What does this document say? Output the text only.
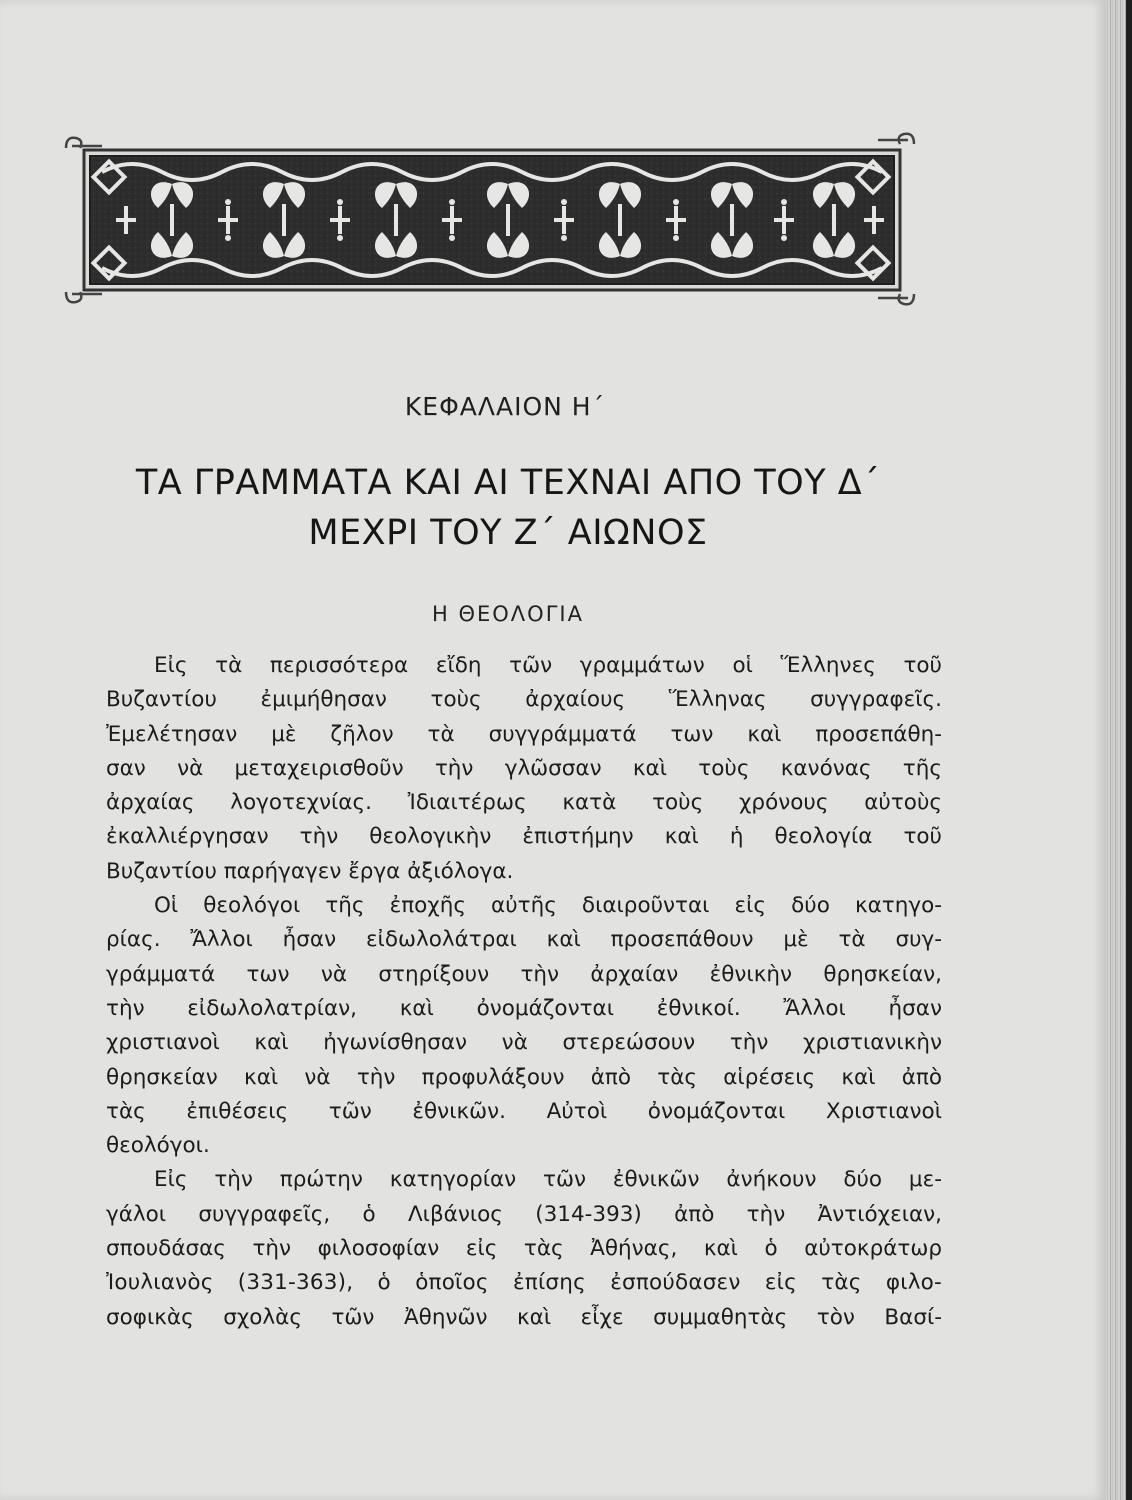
ΚΕΦΑΛΑΙΟΝ Η΄
ΤΑ ΓΡΑΜΜΑΤΑ ΚΑΙ ΑΙ ΤΕΧΝΑΙ ΑΠΟ ΤΟΥ Δ΄
ΜΕΧΡΙ ΤΟΥ Ζ΄ ΑΙΩΝΟΣ
Η ΘΕΟΛΟΓΙΑ
Εἰς τὰ περισσότερα εἴδη τῶν γραμμάτων οἱ Ἕλληνες τοῦ
Βυζαντίου ἐμιμήθησαν τοὺς ἀρχαίους Ἕλληνας συγγραφεῖς.
Ἐμελέτησαν μὲ ζῆλον τὰ συγγράμματά των καὶ προσεπάθη-
σαν νὰ μεταχειρισθοῦν τὴν γλῶσσαν καὶ τοὺς κανόνας τῆς
ἀρχαίας λογοτεχνίας. Ἰδιαιτέρως κατὰ τοὺς χρόνους αὐτοὺς
ἐκαλλιέργησαν τὴν θεολογικὴν ἐπιστήμην καὶ ἡ θεολογία τοῦ
Βυζαντίου παρήγαγεν ἔργα ἀξιόλογα.
Οἱ θεολόγοι τῆς ἐποχῆς αὐτῆς διαιροῦνται εἰς δύο κατηγο-
ρίας. Ἄλλοι ἦσαν εἰδωλολάτραι καὶ προσεπάθουν μὲ τὰ συγ-
γράμματά των νὰ στηρίξουν τὴν ἀρχαίαν ἐθνικὴν θρησκείαν,
τὴν εἰδωλολατρίαν, καὶ ὀνομάζονται ἐθνικοί. Ἄλλοι ἦσαν
χριστιανοὶ καὶ ἠγωνίσθησαν νὰ στερεώσουν τὴν χριστιανικὴν
θρησκείαν καὶ νὰ τὴν προφυλάξουν ἀπὸ τὰς αἱρέσεις καὶ ἀπὸ
τὰς ἐπιθέσεις τῶν ἐθνικῶν. Αὐτοὶ ὀνομάζονται Χριστιανοὶ
θεολόγοι.
Εἰς τὴν πρώτην κατηγορίαν τῶν ἐθνικῶν ἀνήκουν δύο με-
γάλοι συγγραφεῖς, ὁ Λιβάνιος (314-393) ἀπὸ τὴν Ἀντιόχειαν,
σπουδάσας τὴν φιλοσοφίαν εἰς τὰς Ἀθήνας, καὶ ὁ αὐτοκράτωρ
Ἰουλιανὸς (331-363), ὁ ὁποῖος ἐπίσης ἐσπούδασεν εἰς τὰς φιλο-
σοφικὰς σχολὰς τῶν Ἀθηνῶν καὶ εἶχε συμμαθητὰς τὸν Βασί-
